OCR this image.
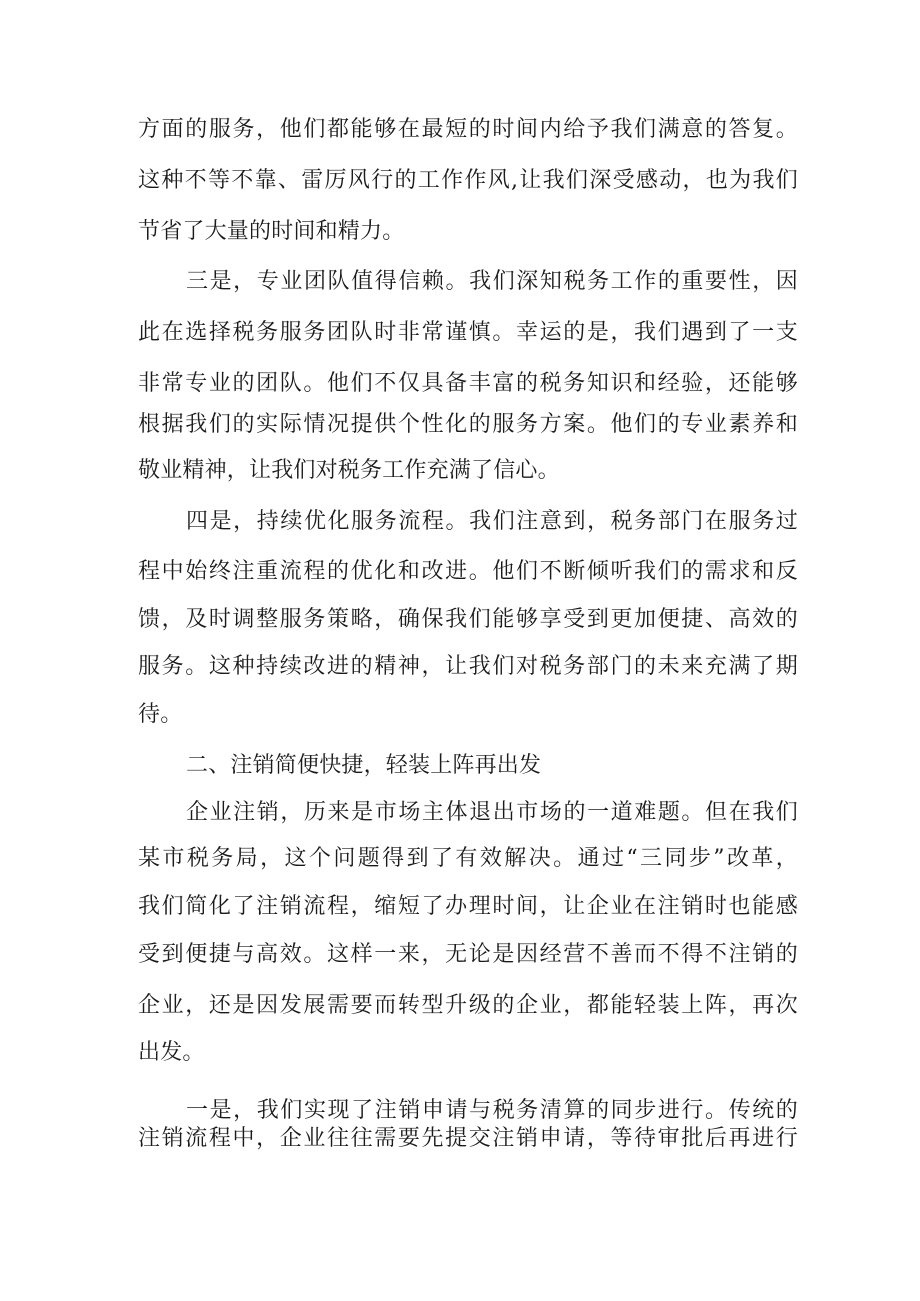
方面的服务，他们都能够在最短的时间内给予我们满意的答复。
这种不等不靠、雷厉风行的工作作风,让我们深受感动，也为我们
节省了大量的时间和精力。
三是，专业团队值得信赖。我们深知税务工作的重要性，因
此在选择税务服务团队时非常谨慎。幸运的是，我们遇到了一支
非常专业的团队。他们不仅具备丰富的税务知识和经验，还能够
根据我们的实际情况提供个性化的服务方案。他们的专业素养和
敬业精神，让我们对税务工作充满了信心。
四是，持续优化服务流程。我们注意到，税务部门在服务过
程中始终注重流程的优化和改进。他们不断倾听我们的需求和反
馈，及时调整服务策略，确保我们能够享受到更加便捷、高效的
服务。这种持续改进的精神，让我们对税务部门的未来充满了期
待。
二、注销简便快捷，轻装上阵再出发
企业注销，历来是市场主体退出市场的一道难题。但在我们
某市税务局，这个问题得到了有效解决。通过“三同步”改革，
我们简化了注销流程，缩短了办理时间，让企业在注销时也能感
受到便捷与高效。这样一来，无论是因经营不善而不得不注销的
企业，还是因发展需要而转型升级的企业，都能轻装上阵，再次
出发。
一是，我们实现了注销申请与税务清算的同步进行。传统的
注销流程中，企业往往需要先提交注销申请，等待审批后再进行
